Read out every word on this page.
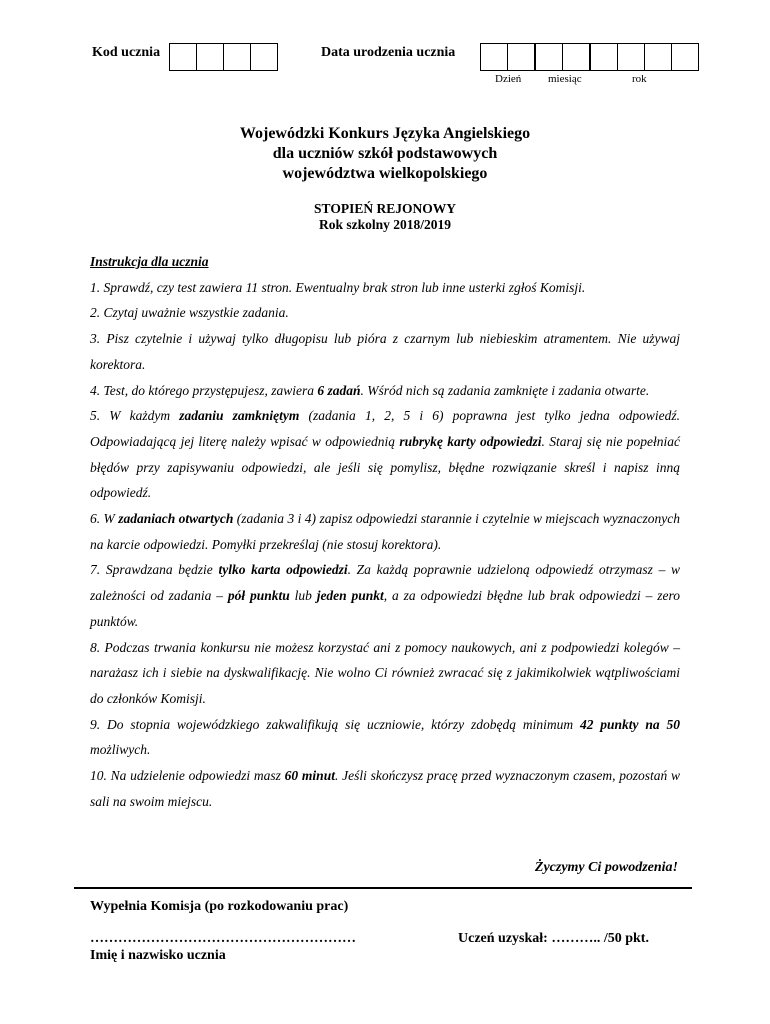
Kod ucznia	Data urodzenia ucznia
Dzień miesiąc	rok
Wojewódzki Konkurs Języka Angielskiego
dla uczniów szkół podstawowych
województwa wielkopolskiego
STOPIEŃ REJONOWY
Rok szkolny 2018/2019
Instrukcja dla ucznia

1. Sprawdź, czy test zawiera 11 stron. Ewentualny brak stron lub inne usterki zgłoś Komisji.

2. Czytaj uważnie wszystkie zadania.

3. Pisz czytelnie i używaj tylko długopisu lub pióra z czarnym lub niebieskim atramentem. Nie używaj korektora.

4. Test, do którego przystępujesz, zawiera 6 zadań. Wśród nich są zadania zamknięte i zadania otwarte.

5. W każdym zadaniu zamkniętym (zadania 1, 2, 5 i 6) poprawna jest tylko jedna odpowiedź. Odpowiadającą jej literę należy wpisać w odpowiednią rubrykę karty odpowiedzi. Staraj się nie popełniać błędów przy zapisywaniu odpowiedzi, ale jeśli się pomylisz, błędne rozwiązanie skreśl i napisz inną odpowiedź.

6. W zadaniach otwartych (zadania 3 i 4) zapisz odpowiedzi starannie i czytelnie w miejscach wyznaczonych na karcie odpowiedzi. Pomyłki przekreślaj (nie stosuj korektora).

7. Sprawdzana będzie tylko karta odpowiedzi. Za każdą poprawnie udzieloną odpowiedź otrzymasz – w zależności od zadania – pół punktu lub jeden punkt, a za odpowiedzi błędne lub brak odpowiedzi – zero punktów.

8. Podczas trwania konkursu nie możesz korzystać ani z pomocy naukowych, ani z podpowiedzi kolegów – narażasz ich i siebie na dyskwalifikację. Nie wolno Ci również zwracać się z jakimikolwiek wątpliwościami do członków Komisji.

9. Do stopnia wojewódzkiego zakwalifikują się uczniowie, którzy zdobędą minimum 42 punkty na 50 możliwych.

10. Na udzielenie odpowiedzi masz 60 minut. Jeśli skończysz pracę przed wyznaczonym czasem, pozostań w sali na swoim miejscu.

Życzymy Ci powodzenia!
Wypełnia Komisja (po rozkodowaniu prac)
…………………………………………………
Imię i nazwisko ucznia
Uczeń uzyskał: ……….. /50 pkt.
